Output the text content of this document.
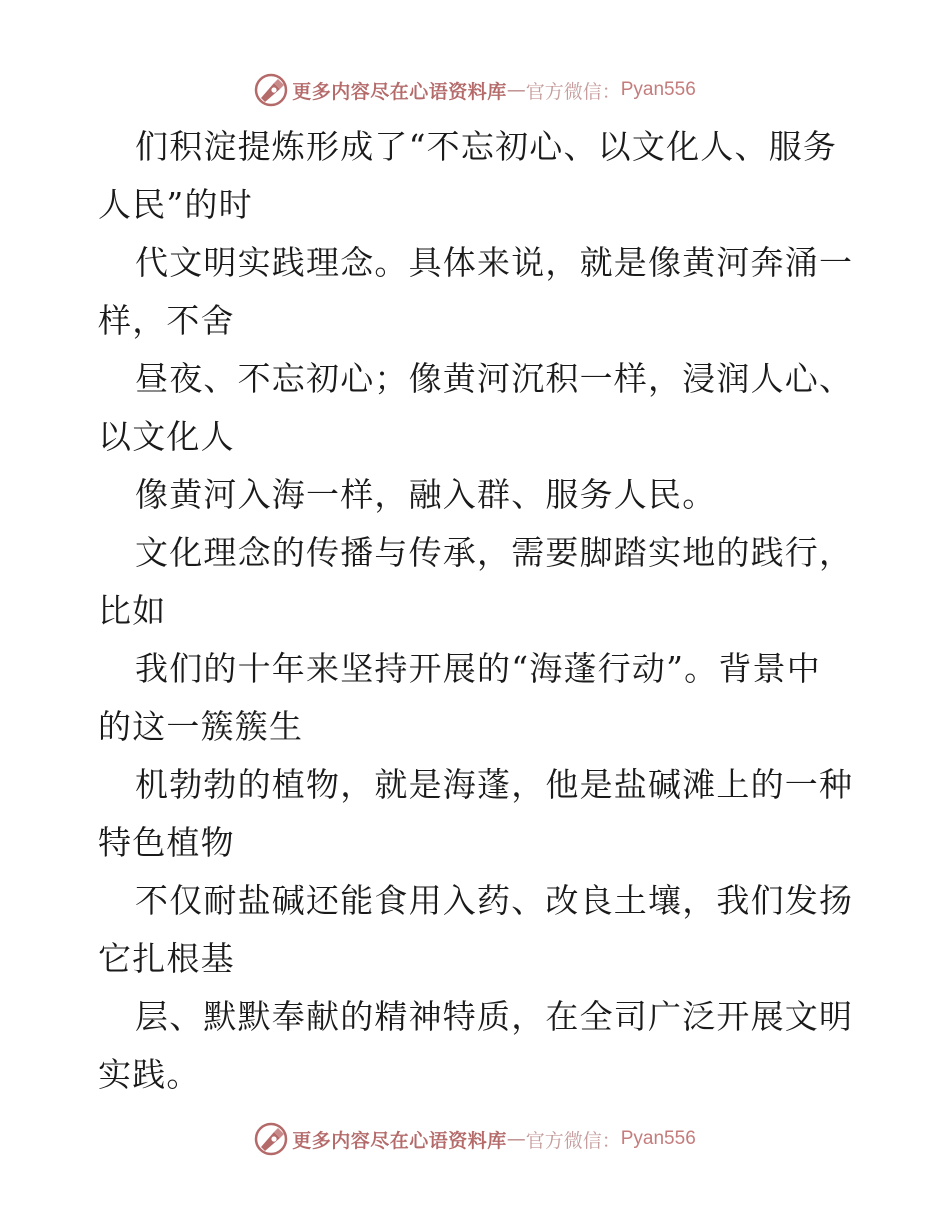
更多内容尽在心语资料库 — 官方微信： Pyan556
们积淀提炼形成了“不忘初心、以文化人、服务
人民”的时
代文明实践理念。具体来说，就是像黄河奔涌一
样，不舍
昼夜、不忘初心；像黄河沉积一样，浸润人心、
以文化人
像黄河入海一样，融入群、服务人民。
文化理念的传播与传承，需要脚踏实地的践行，
比如
我们的十年来坚持开展的“海蓬行动”。背景中
的这一簇簇生
机勃勃的植物，就是海蓬，他是盐碱滩上的一种
特色植物
不仅耐盐碱还能食用入药、改良土壤，我们发扬
它扎根基
层、默默奉献的精神特质，在全司广泛开展文明
实践。
更多内容尽在心语资料库 — 官方微信： Pyan556
